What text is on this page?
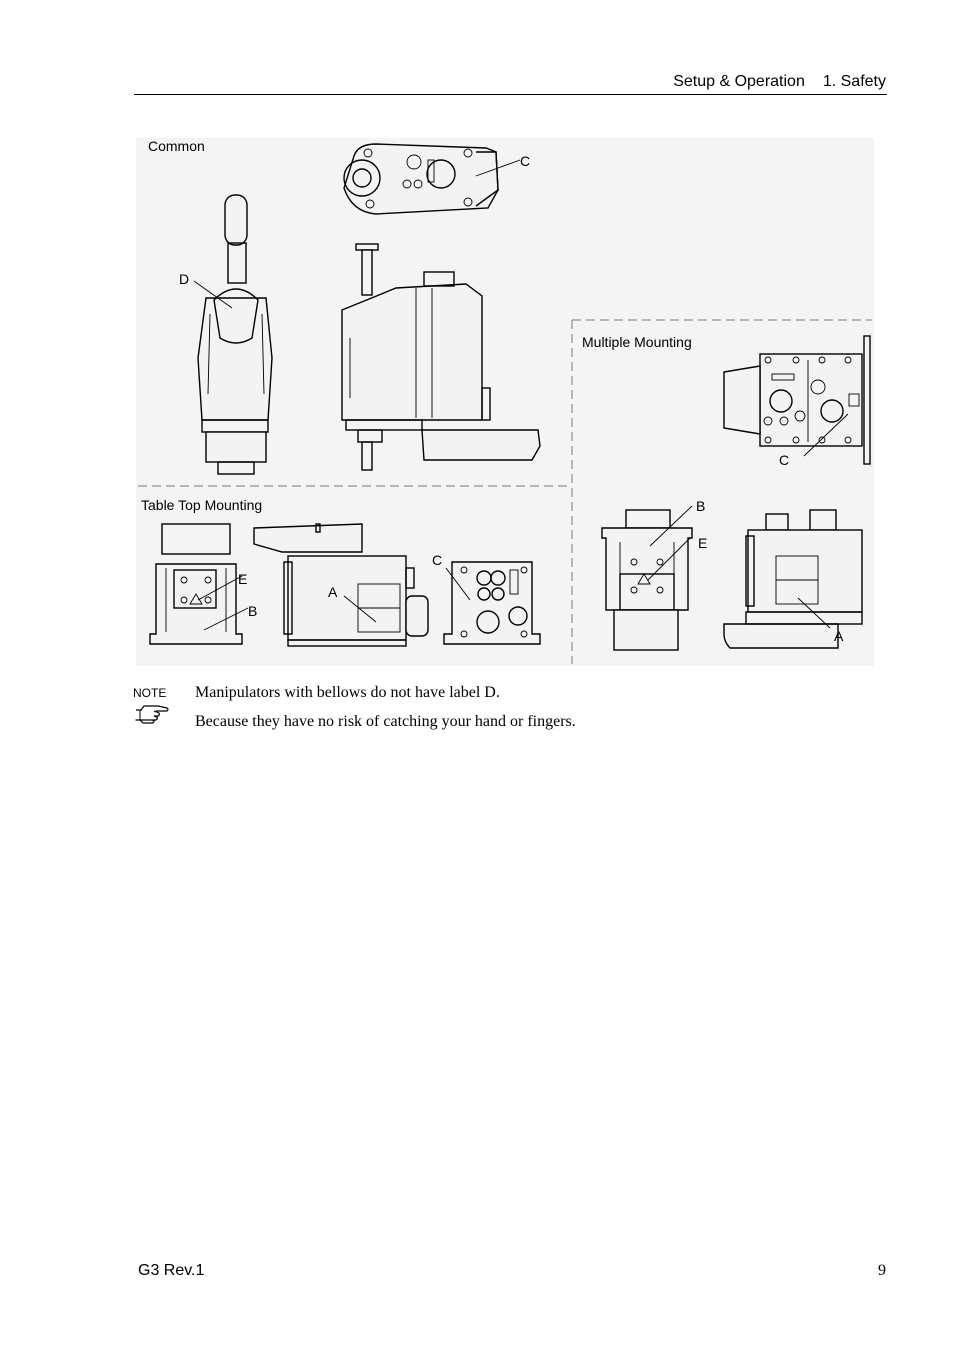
Setup & Operation 1. Safety
Common
Multiple Mounting
Table Top Mounting
C
D
C
B
E
A
E
B
A
C
NOTE Manipulators with bellows do not have label D.
Because they have no risk of catching your hand or fingers.
G3 Rev.1	9
